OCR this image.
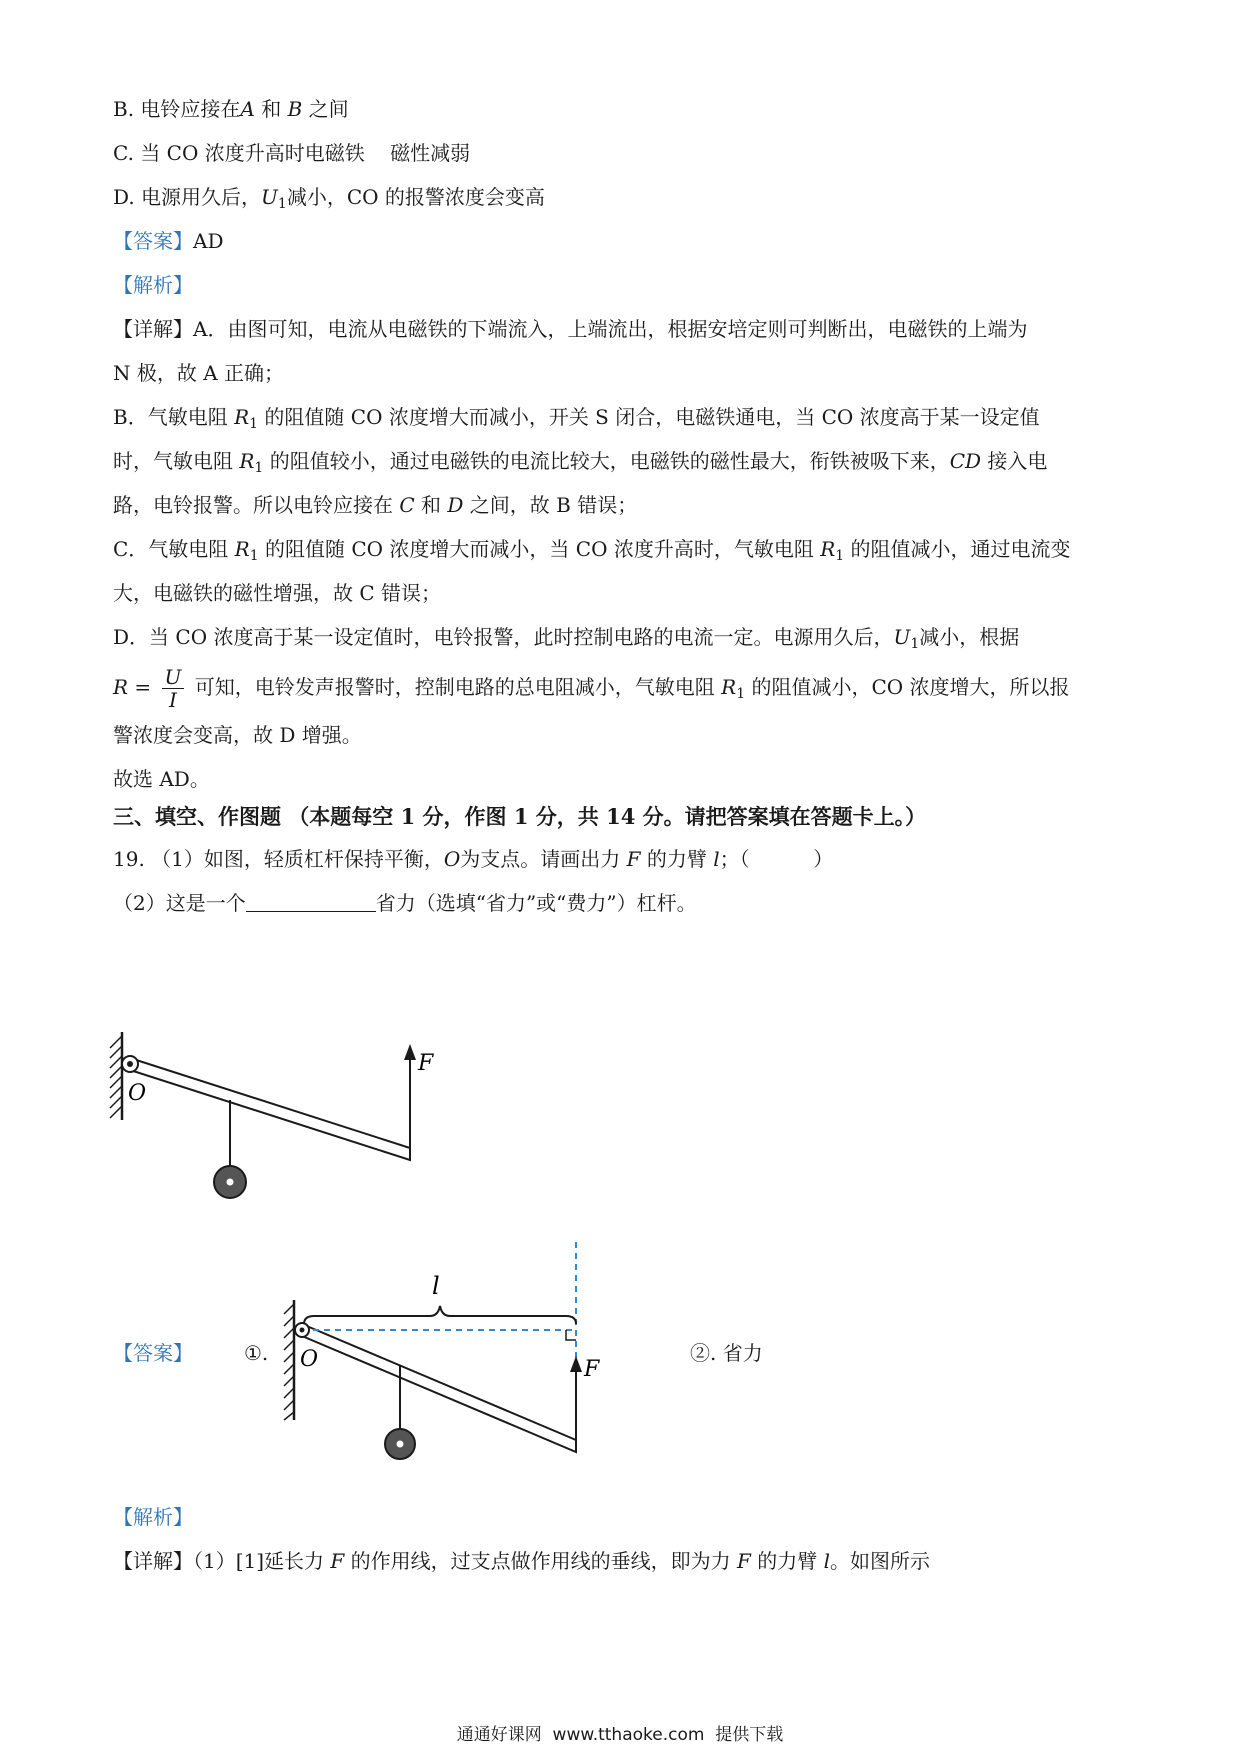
B. 电铃应接在A 和 B 之间
C. 当 CO 浓度升高时电磁铁    磁性减弱
D. 电源用久后，$U_1$减小，CO 的报警浓度会变高
【答案】AD
【解析】
【详解】A．由图可知，电流从电磁铁的下端流入，上端流出，根据安培定则可判断出，电磁铁的上端为
N 极，故 A 正确；
B．气敏电阻 $R_1$ 的阻值随 CO 浓度增大而减小，开关 S 闭合，电磁铁通电，当 CO 浓度高于某一设定值
时，气敏电阻 $R_1$ 的阻值较小，通过电磁铁的电流比较大，电磁铁的磁性最大，衔铁被吸下来，CD 接入电
路，电铃报警。所以电铃应接在 C 和 D 之间，故 B 错误；
C．气敏电阻 $R_1$ 的阻值随 CO 浓度增大而减小，当 CO 浓度升高时，气敏电阻 $R_1$ 的阻值减小，通过电流变
大，电磁铁的磁性增强，故 C 错误；
D．当 CO 浓度高于某一设定值时，电铃报警，此时控制电路的电流一定。电源用久后，$U_1$减小，根据
$R = \frac{U}{I}$ 可知，电铃发声报警时，控制电路的总电阻减小，气敏电阻 $R_1$ 的阻值减小，CO 浓度增大，所以报
警浓度会变高，故 D 增强。
故选 AD。
三、填空、作图题 （本题每空 1 分，作图 1 分，共 14 分。请把答案填在答题卡上。）
19. （1）如图，轻质杠杆保持平衡，O为支点。请画出力 F 的力臂 l；（          ）
（2）这是一个	省力（选填“省力”或“费力”）杠杆。
O
F
【答案】	①.
l
O	F
②. 省力
【解析】
【详解】（1）[1]延长力 F 的作用线，过支点做作用线的垂线，即为力 F 的力臂 l。如图所示
通通好课网  www.tthaoke.com  提供下载
